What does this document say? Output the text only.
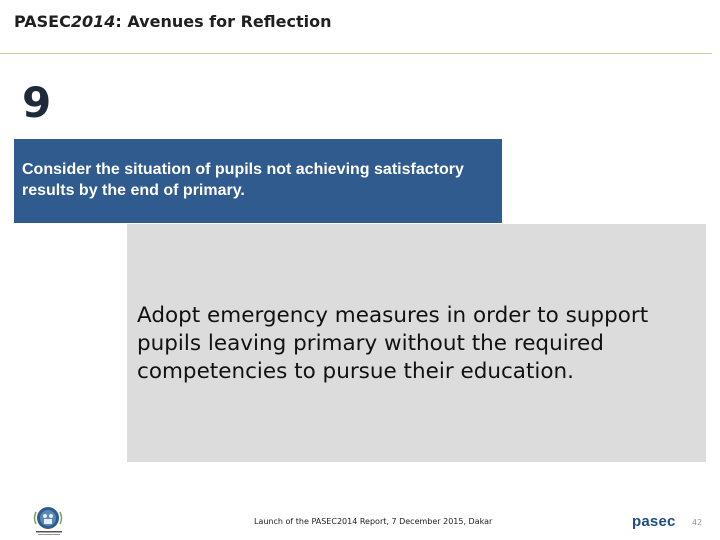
PASEC2014: Avenues for Reflection
9
Consider the situation of pupils not achieving satisfactory results by the end of primary.
Adopt emergency measures in order to support pupils leaving primary without the required competencies to pursue their education.
Launch of the PASEC2014 Report, 7 December 2015, Dakar	pasec 42
